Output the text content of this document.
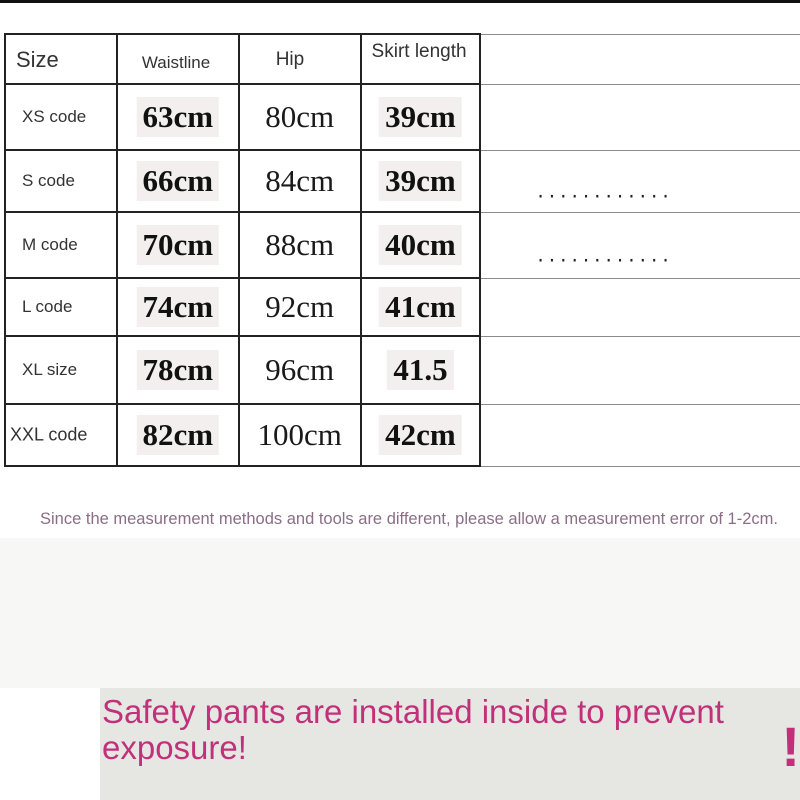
Size	Waistline	Hip	Skirt length	

XS code	63cm	80cm	39cm	

S code	66cm	84cm	39cm	............

M code	70cm	88cm	40cm	............

L code	74cm	92cm	41cm	

XL size	78cm	96cm	41.5	

XXL code	82cm	100cm	42cm	

Since the measurement methods and tools are different, please allow a measurement error of 1-2cm.
Safety pants are installed inside to prevent exposure!	!
